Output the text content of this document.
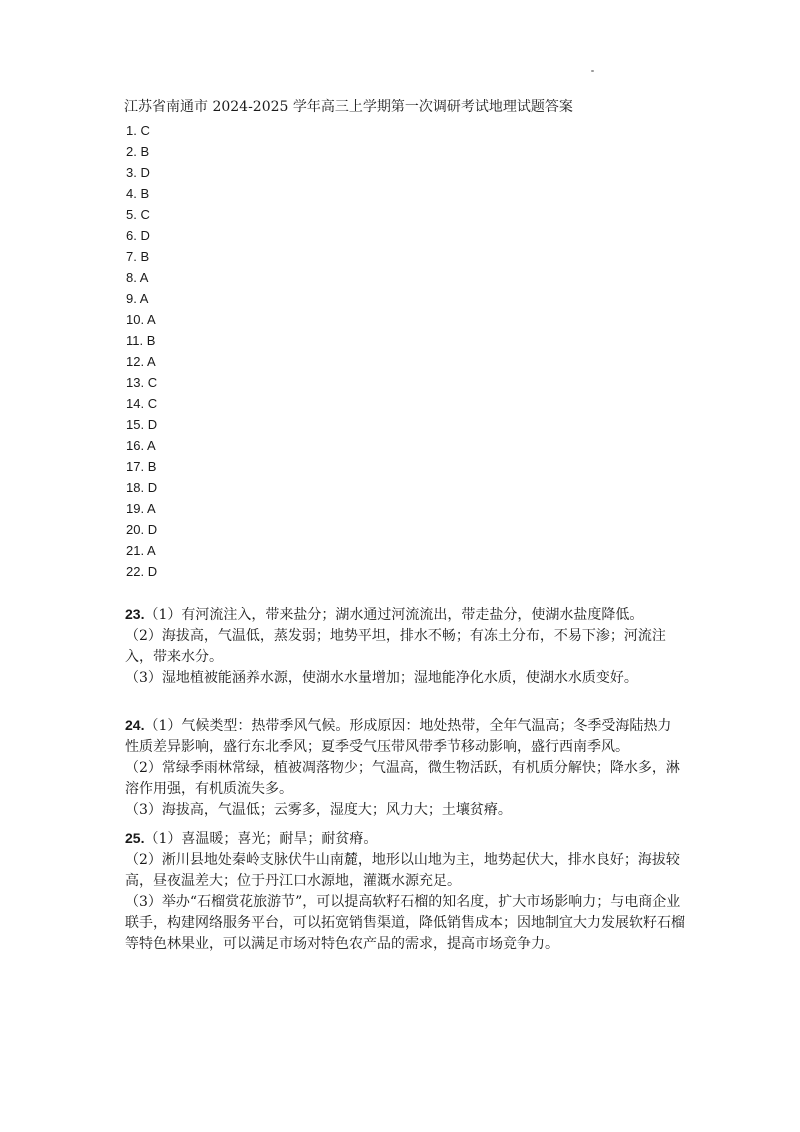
江苏省南通市 2024-2025 学年高三上学期第一次调研考试地理试题答案
1. C
2. B
3. D
4. B
5. C
6. D
7. B
8. A
9. A
10. A
11. B
12. A
13. C
14. C
15. D
16. A
17. B
18. D
19. A
20. D
21. A
22. D

23.（1）有河流注入，带来盐分；湖水通过河流流出，带走盐分，使湖水盐度降低。

（2）海拔高，气温低，蒸发弱；地势平坦，排水不畅；有冻土分布，不易下渗；河流注入，带来水分。

（3）湿地植被能涵养水源，使湖水水量增加；湿地能净化水质，使湖水水质变好。

24.（1）气候类型：热带季风气候。形成原因：地处热带，全年气温高；冬季受海陆热力性质差异影响，盛行东北季风；夏季受气压带风带季节移动影响，盛行西南季风。

（2）常绿季雨林常绿，植被凋落物少；气温高，微生物活跃，有机质分解快；降水多，淋溶作用强，有机质流失多。

（3）海拔高，气温低；云雾多，湿度大；风力大；土壤贫瘠。

25.（1）喜温暖；喜光；耐旱；耐贫瘠。

（2）淅川县地处秦岭支脉伏牛山南麓，地形以山地为主，地势起伏大，排水良好；海拔较高，昼夜温差大；位于丹江口水源地，灌溉水源充足。

（3）举办“石榴赏花旅游节”，可以提高软籽石榴的知名度，扩大市场影响力；与电商企业联手，构建网络服务平台，可以拓宽销售渠道，降低销售成本；因地制宜大力发展软籽石榴等特色林果业，可以满足市场对特色农产品的需求，提高市场竞争力。
